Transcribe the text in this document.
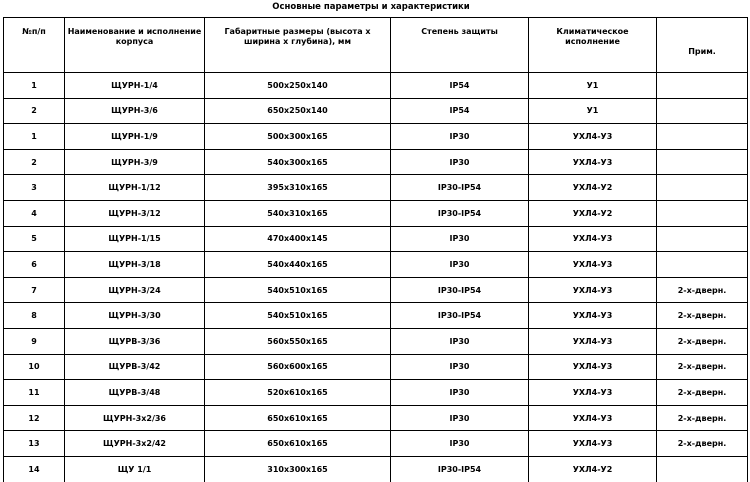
Основные параметры и характеристики
№п/п	Наименование и исполнение корпуса	Габаритные размеры (высота х ширина х глубина), мм	Степень защиты	Климатическое исполнение	Прим.
1	ЩУРН-1/4	500x250x140	IP54	У1	
2	ЩУРН-3/6	650x250x140	IP54	У1	
1	ЩУРН-1/9	500x300x165	IP30	УХЛ4-У3	
2	ЩУРН-3/9	540x300x165	IP30	УХЛ4-У3	
3	ЩУРН-1/12	395x310x165	IP30-IP54	УХЛ4-У2	
4	ЩУРН-3/12	540x310x165	IP30-IP54	УХЛ4-У2	
5	ЩУРН-1/15	470x400x145	IP30	УХЛ4-У3	
6	ЩУРН-3/18	540x440x165	IP30	УХЛ4-У3	
7	ЩУРН-3/24	540x510x165	IP30-IP54	УХЛ4-У3	2-х-дверн.
8	ЩУРН-3/30	540x510x165	IP30-IP54	УХЛ4-У3	2-х-дверн.
9	ЩУРВ-3/36	560x550x165	IP30	УХЛ4-У3	2-х-дверн.
10	ЩУРВ-3/42	560x600x165	IP30	УХЛ4-У3	2-х-дверн.
11	ЩУРВ-3/48	520x610x165	IP30	УХЛ4-У3	2-х-дверн.
12	ЩУРН-3x2/36	650x610x165	IP30	УХЛ4-У3	2-х-дверн.
13	ЩУРН-3x2/42	650x610x165	IP30	УХЛ4-У3	2-х-дверн.
14	ЩУ 1/1	310x300x165	IP30-IP54	УХЛ4-У2	
